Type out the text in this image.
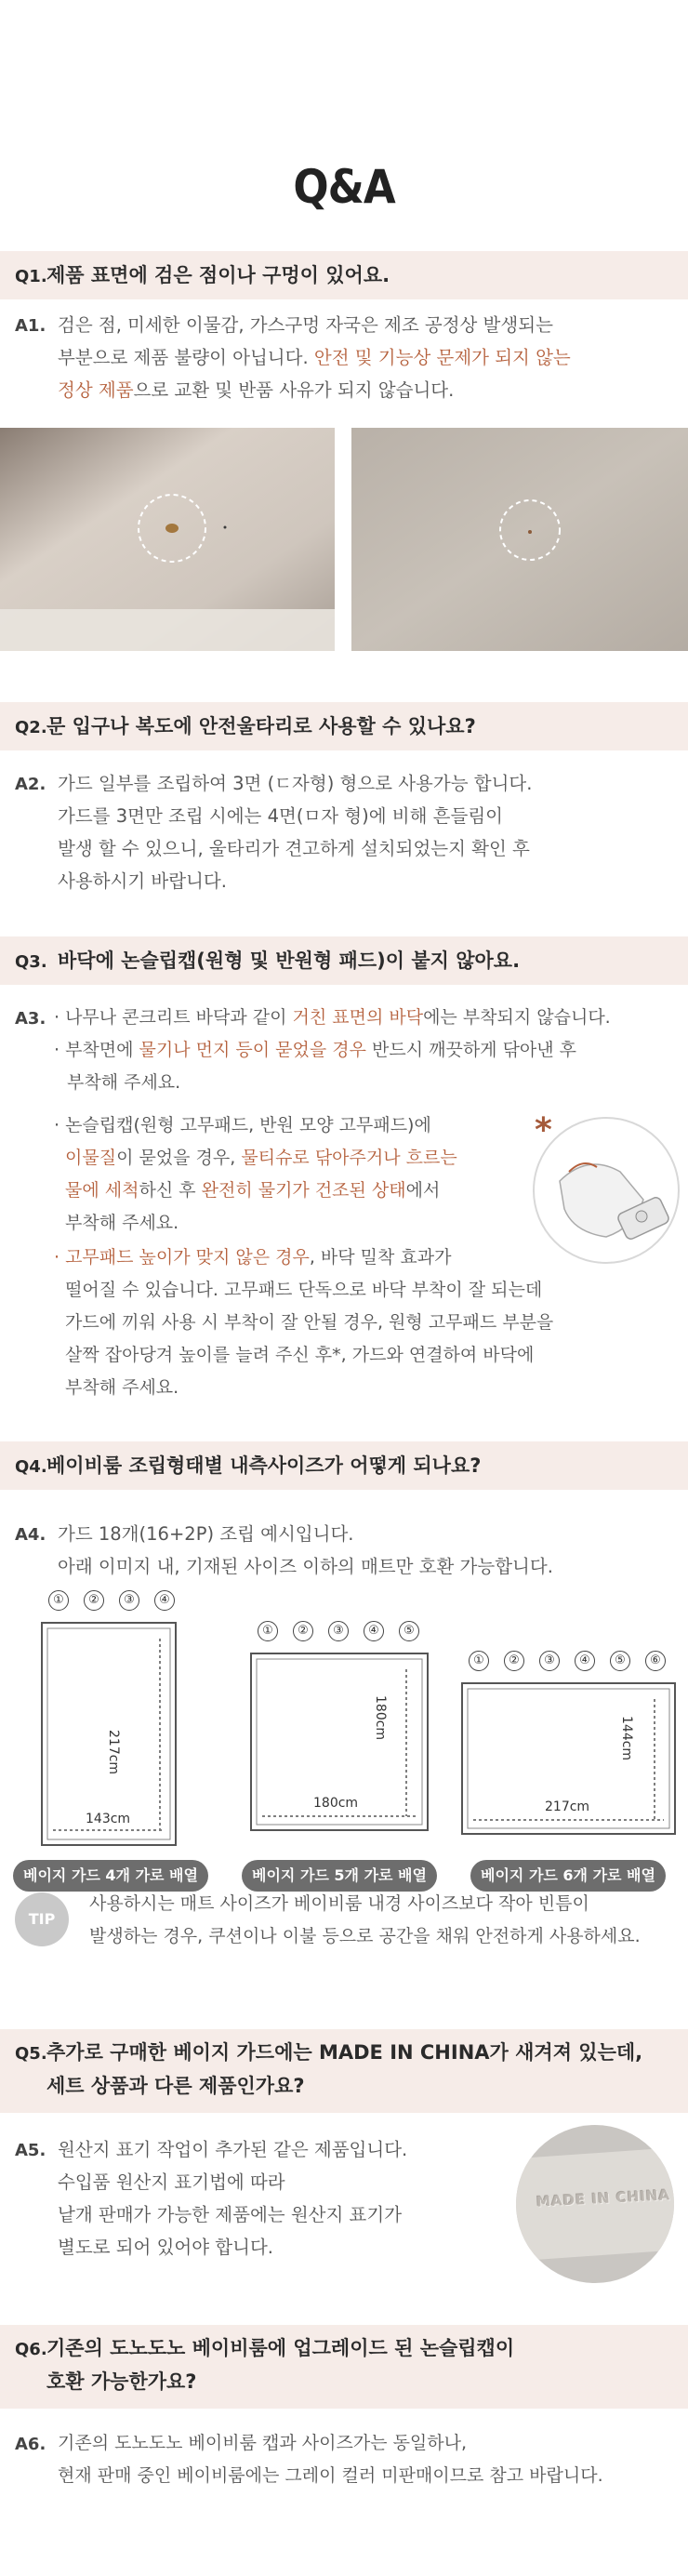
Q&A
Q1.제품 표면에 검은 점이나 구멍이 있어요.
A1. 검은 점, 미세한 이물감, 가스구멍 자국은 제조 공정상 발생되는
부분으로 제품 불량이 아닙니다. 안전 및 기능상 문제가 되지 않는
정상 제품으로 교환 및 반품 사유가 되지 않습니다.
Q2.문 입구나 복도에 안전울타리로 사용할 수 있나요?
A2. 가드 일부를 조립하여 3면 (ㄷ자형) 형으로 사용가능 합니다.
가드를 3면만 조립 시에는 4면(ㅁ자 형)에 비해 흔들림이
발생 할 수 있으니, 울타리가 견고하게 설치되었는지 확인 후
사용하시기 바랍니다.
Q3. 바닥에 논슬립캡(원형 및 반원형 패드)이 붙지 않아요.
A3. · 나무나 콘크리트 바닥과 같이 거친 표면의 바닥에는 부착되지 않습니다.
· 부착면에 물기나 먼지 등이 묻었을 경우 반드시 깨끗하게 닦아낸 후
부착해 주세요.
· 논슬립캡(원형 고무패드, 반원 모양 고무패드)에
이물질이 묻었을 경우, 물티슈로 닦아주거나 흐르는
물에 세척하신 후 완전히 물기가 건조된 상태에서
부착해 주세요.
· 고무패드 높이가 맞지 않은 경우, 바닥 밀착 효과가
떨어질 수 있습니다. 고무패드 단독으로 바닥 부착이 잘 되는데
가드에 끼워 사용 시 부착이 잘 안될 경우, 원형 고무패드 부분을
살짝 잡아당겨 높이를 늘려 주신 후*, 가드와 연결하여 바닥에
부착해 주세요.
*
Q4.베이비룸 조립형태별 내측사이즈가 어떻게 되나요?
A4. 가드 18개(16+2P) 조립 예시입니다.
아래 이미지 내, 기재된 사이즈 이하의 매트만 호환 가능합니다.
①	②	③	④
217cm
143cm
베이지 가드 4개 가로 배열
①	②	③	④	⑤
180cm
180cm
베이지 가드 5개 가로 배열
①	②	③	④	⑤	⑥
144cm
217cm
베이지 가드 6개 가로 배열
TIP
사용하시는 매트 사이즈가 베이비룸 내경 사이즈보다 작아 빈틈이
발생하는 경우, 쿠션이나 이불 등으로 공간을 채워 안전하게 사용하세요.
Q5.추가로 구매한 베이지 가드에는 MADE IN CHINA가 새겨져 있는데,
세트 상품과 다른 제품인가요?
A5. 원산지 표기 작업이 추가된 같은 제품입니다.
수입품 원산지 표기법에 따라
낱개 판매가 가능한 제품에는 원산지 표기가
별도로 되어 있어야 합니다.
MADE IN CHINA
Q6.기존의 도노도노 베이비룸에 업그레이드 된 논슬립캡이
호환 가능한가요?
A6. 기존의 도노도노 베이비룸 캡과 사이즈가는 동일하나,
현재 판매 중인 베이비룸에는 그레이 컬러 미판매이므로 참고 바랍니다.
